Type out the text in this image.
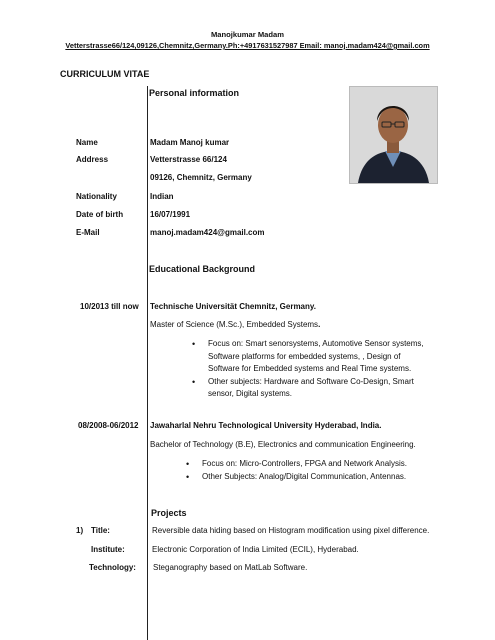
Manojkumar Madam
Vetterstrasse66/124,09126,Chemnitz,Germany.Ph:+4917631527987 Email: manoj.madam424@gmail.com
CURRICULUM VITAE
Personal information
Name	Madam Manoj kumar
Address	Vetterstrasse 66/124
09126, Chemnitz, Germany
Nationality	Indian
Date of birth	16/07/1991
E-Mail	manoj.madam424@gmail.com
Educational Background
10/2013 till now Technische Universität Chemnitz, Germany.
Master of Science (M.Sc.), Embedded Systems.
• Focus on: Smart senorsystems, Automotive Sensor systems,
Software platforms for embedded systems, , Design of
Software for Embedded systems and Real Time systems.
• Other subjects: Hardware and Software Co-Design, Smart
sensor, Digital systems.
08/2008-06/2012 Jawaharlal Nehru Technological University Hyderabad, India.
Bachelor of Technology (B.E), Electronics and communication Engineering.
• Focus on: Micro-Controllers, FPGA and Network Analysis.
• Other Subjects: Analog/Digital Communication, Antennas.
Projects
1) Title:	Reversible data hiding based on Histogram modification using pixel difference.
Institute:	Electronic Corporation of India Limited (ECIL), Hyderabad.
Technology: Steganography based on MatLab Software.
